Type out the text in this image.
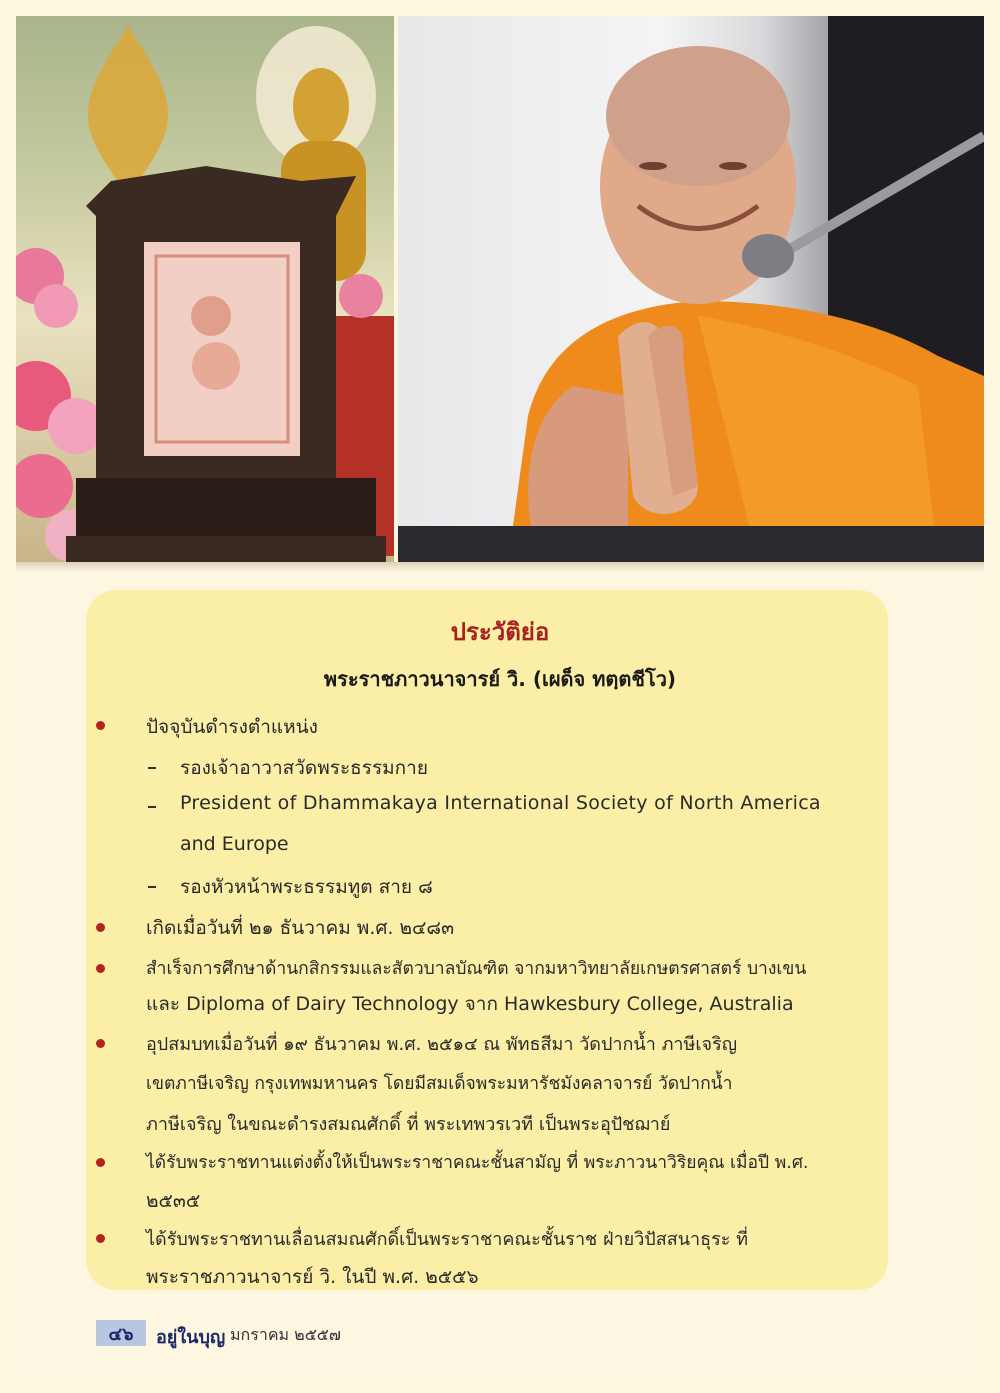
ประวัติย่อ
พระราชภาวนาจารย์ วิ. (เผด็จ ทตฺตชีโว)
ปัจจุบันดำรงตำแหน่ง
รองเจ้าอาวาสวัดพระธรรมกาย
President of Dhammakaya International Society of North America
and Europe
รองหัวหน้าพระธรรมทูต สาย ๘
เกิดเมื่อวันที่ ๒๑ ธันวาคม พ.ศ. ๒๔๘๓
สำเร็จการศึกษาด้านกสิกรรมและสัตวบาลบัณฑิต จากมหาวิทยาลัยเกษตรศาสตร์ บางเขน
และ Diploma of Dairy Technology จาก Hawkesbury College, Australia
อุปสมบทเมื่อวันที่ ๑๙ ธันวาคม พ.ศ. ๒๕๑๔ ณ พัทธสีมา วัดปากน้ำ ภาษีเจริญ
เขตภาษีเจริญ กรุงเทพมหานคร โดยมีสมเด็จพระมหารัชมังคลาจารย์ วัดปากน้ำ
ภาษีเจริญ ในขณะดำรงสมณศักดิ์ ที่ พระเทพวรเวที เป็นพระอุปัชฌาย์
ได้รับพระราชทานแต่งตั้งให้เป็นพระราชาคณะชั้นสามัญ ที่ พระภาวนาวิริยคุณ เมื่อปี พ.ศ.
๒๕๓๕
ได้รับพระราชทานเลื่อนสมณศักดิ์เป็นพระราชาคณะชั้นราช ฝ่ายวิปัสสนาธุระ ที่
พระราชภาวนาจารย์ วิ. ในปี พ.ศ. ๒๕๕๖
๔๖	อยู่ในบุญ มกราคม ๒๕๕๗
